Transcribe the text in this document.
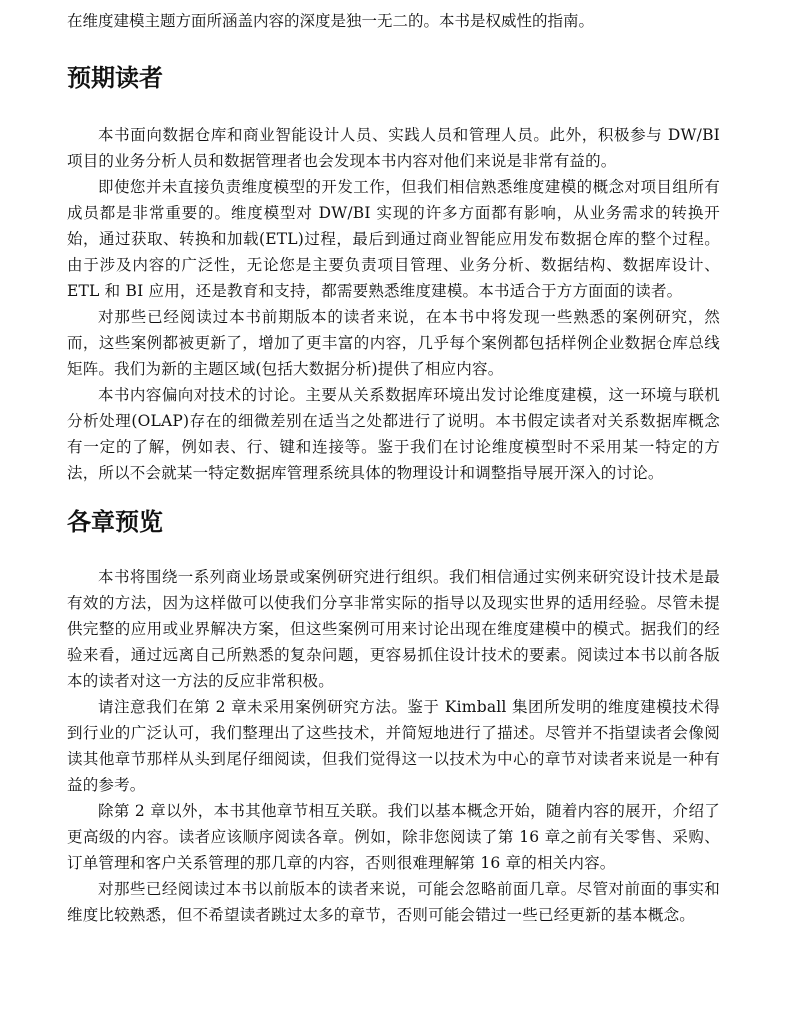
在维度建模主题方面所涵盖内容的深度是独一无二的。本书是权威性的指南。

预期读者

本书面向数据仓库和商业智能设计人员、实践人员和管理人员。此外，积极参与 DW/BI 项目的业务分析人员和数据管理者也会发现本书内容对他们来说是非常有益的。

即使您并未直接负责维度模型的开发工作，但我们相信熟悉维度建模的概念对项目组所有成员都是非常重要的。维度模型对 DW/BI 实现的许多方面都有影响，从业务需求的转换开始，通过获取、转换和加载(ETL)过程，最后到通过商业智能应用发布数据仓库的整个过程。由于涉及内容的广泛性，无论您是主要负责项目管理、业务分析、数据结构、数据库设计、ETL 和 BI 应用，还是教育和支持，都需要熟悉维度建模。本书适合于方方面面的读者。

对那些已经阅读过本书前期版本的读者来说，在本书中将发现一些熟悉的案例研究，然而，这些案例都被更新了，增加了更丰富的内容，几乎每个案例都包括样例企业数据仓库总线矩阵。我们为新的主题区域(包括大数据分析)提供了相应内容。

本书内容偏向对技术的讨论。主要从关系数据库环境出发讨论维度建模，这一环境与联机分析处理(OLAP)存在的细微差别在适当之处都进行了说明。本书假定读者对关系数据库概念有一定的了解，例如表、行、键和连接等。鉴于我们在讨论维度模型时不采用某一特定的方法，所以不会就某一特定数据库管理系统具体的物理设计和调整指导展开深入的讨论。

各章预览

本书将围绕一系列商业场景或案例研究进行组织。我们相信通过实例来研究设计技术是最有效的方法，因为这样做可以使我们分享非常实际的指导以及现实世界的适用经验。尽管未提供完整的应用或业界解决方案，但这些案例可用来讨论出现在维度建模中的模式。据我们的经验来看，通过远离自己所熟悉的复杂问题，更容易抓住设计技术的要素。阅读过本书以前各版本的读者对这一方法的反应非常积极。

请注意我们在第 2 章未采用案例研究方法。鉴于 Kimball 集团所发明的维度建模技术得到行业的广泛认可，我们整理出了这些技术，并简短地进行了描述。尽管并不指望读者会像阅读其他章节那样从头到尾仔细阅读，但我们觉得这一以技术为中心的章节对读者来说是一种有益的参考。

除第 2 章以外，本书其他章节相互关联。我们以基本概念开始，随着内容的展开，介绍了更高级的内容。读者应该顺序阅读各章。例如，除非您阅读了第 16 章之前有关零售、采购、订单管理和客户关系管理的那几章的内容，否则很难理解第 16 章的相关内容。

对那些已经阅读过本书以前版本的读者来说，可能会忽略前面几章。尽管对前面的事实和维度比较熟悉，但不希望读者跳过太多的章节，否则可能会错过一些已经更新的基本概念。
